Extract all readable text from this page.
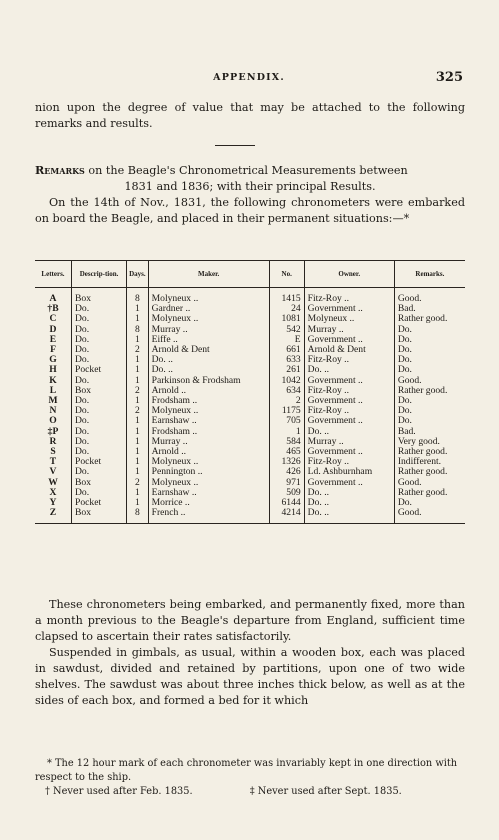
APPENDIX.	325
nion upon the degree of value that may be attached to the following remarks and results.
Remarks on the Beagle's Chronometrical Measurements between
1831 and 1836; with their principal Results.
On the 14th of Nov., 1831, the following chronometers were embarked on board the Beagle, and placed in their permanent situations:—*
Letters.	Descrip-tion.	Days.	Maker.	No.	Owner.	Remarks.
A	Box	8	Molyneux ..	1415	Fitz-Roy ..	Good.
†B	Do.	1	Gardner ..	24	Government ..	Bad.
C	Do.	1	Molyneux ..	1081	Molyneux ..	Rather good.
D	Do.	8	Murray ..	542	Murray ..	Do.
E	Do.	1	Eiffe ..	E	Government ..	Do.
F	Do.	2	Arnold & Dent	661	Arnold & Dent	Do.
G	Do.	1	Do. ..	633	Fitz-Roy ..	Do.
H	Pocket	1	Do. ..	261	Do. ..	Do.
K	Do.	1	Parkinson & Frodsham	1042	Government ..	Good.
L	Box	2	Arnold ..	634	Fitz-Roy ..	Rather good.
M	Do.	1	Frodsham ..	2	Government ..	Do.
N	Do.	2	Molyneux ..	1175	Fitz-Roy ..	Do.
O	Do.	1	Earnshaw ..	705	Government ..	Do.
‡P	Do.	1	Frodsham ..	1	Do. ..	Bad.
R	Do.	1	Murray ..	584	Murray ..	Very good.
S	Do.	1	Arnold ..	465	Government ..	Rather good.
T	Pocket	1	Molyneux ..	1326	Fitz-Roy ..	Indifferent.
V	Do.	1	Pennington ..	426	Ld. Ashburnham	Rather good.
W	Box	2	Molyneux ..	971	Government ..	Good.
X	Do.	1	Earnshaw ..	509	Do. ..	Rather good.
Y	Pocket	1	Morrice ..	6144	Do. ..	Do.
Z	Box	8	French ..	4214	Do. ..	Good.
These chronometers being embarked, and permanently fixed, more than a month previous to the Beagle's departure from England, sufficient time clapsed to ascertain their rates satisfactorily.
Suspended in gimbals, as usual, within a wooden box, each was placed in sawdust, divided and retained by partitions, upon one of two wide shelves. The sawdust was about three inches thick below, as well as at the sides of each box, and formed a bed for it which
* The 12 hour mark of each chronometer was invariably kept in one direction with respect to the ship.
† Never used after Feb. 1835.	‡ Never used after Sept. 1835.
